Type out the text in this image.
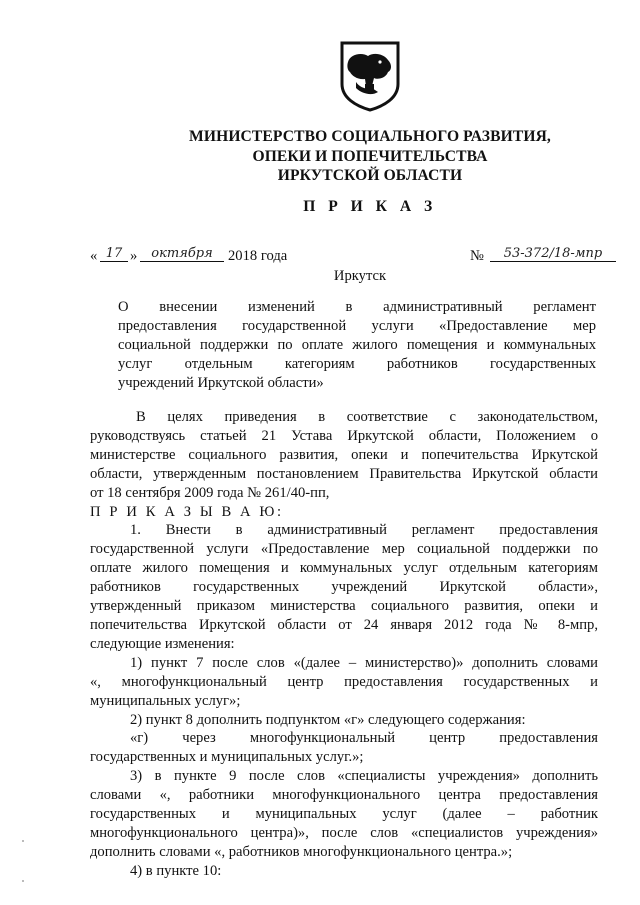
МИНИСТЕРСТВО СОЦИАЛЬНОГО РАЗВИТИЯ,
ОПЕКИ И ПОПЕЧИТЕЛЬСТВА
ИРКУТСКОЙ ОБЛАСТИ
П Р И К А З
« 17 »	октября	2018 года	№	53-372/18-мпр
Иркутск
О внесении изменений в административный регламент
предоставления государственной услуги «Предоставление мер
социальной поддержки по оплате жилого помещения и коммунальных
услуг отдельным категориям работников государственных
учреждений Иркутской области»
В целях приведения в соответствие с законодательством,
руководствуясь статьей 21 Устава Иркутской области, Положением о
министерстве социального развития, опеки и попечительства Иркутской
области, утвержденным постановлением Правительства Иркутской области
от 18 сентября 2009 года № 261/40-пп,
П Р И К А З Ы В А Ю:
1. Внести в административный регламент предоставления
государственной услуги «Предоставление мер социальной поддержки по
оплате жилого помещения и коммунальных услуг отдельным категориям
работников государственных учреждений Иркутской области»,
утвержденный приказом министерства социального развития, опеки и
попечительства Иркутской области от 24 января 2012 года № 8-мпр,
следующие изменения:
1) пункт 7 после слов «(далее – министерство)» дополнить словами
«, многофункциональный центр предоставления государственных и
муниципальных услуг»;
2) пункт 8 дополнить подпунктом «г» следующего содержания:
«г) через многофункциональный центр предоставления
государственных и муниципальных услуг.»;
3) в пункте 9 после слов «специалисты учреждения» дополнить
словами «, работники многофункционального центра предоставления
государственных и муниципальных услуг (далее – работник
многофункционального центра)», после слов «специалистов учреждения»
дополнить словами «, работников многофункционального центра.»;
4) в пункте 10:
